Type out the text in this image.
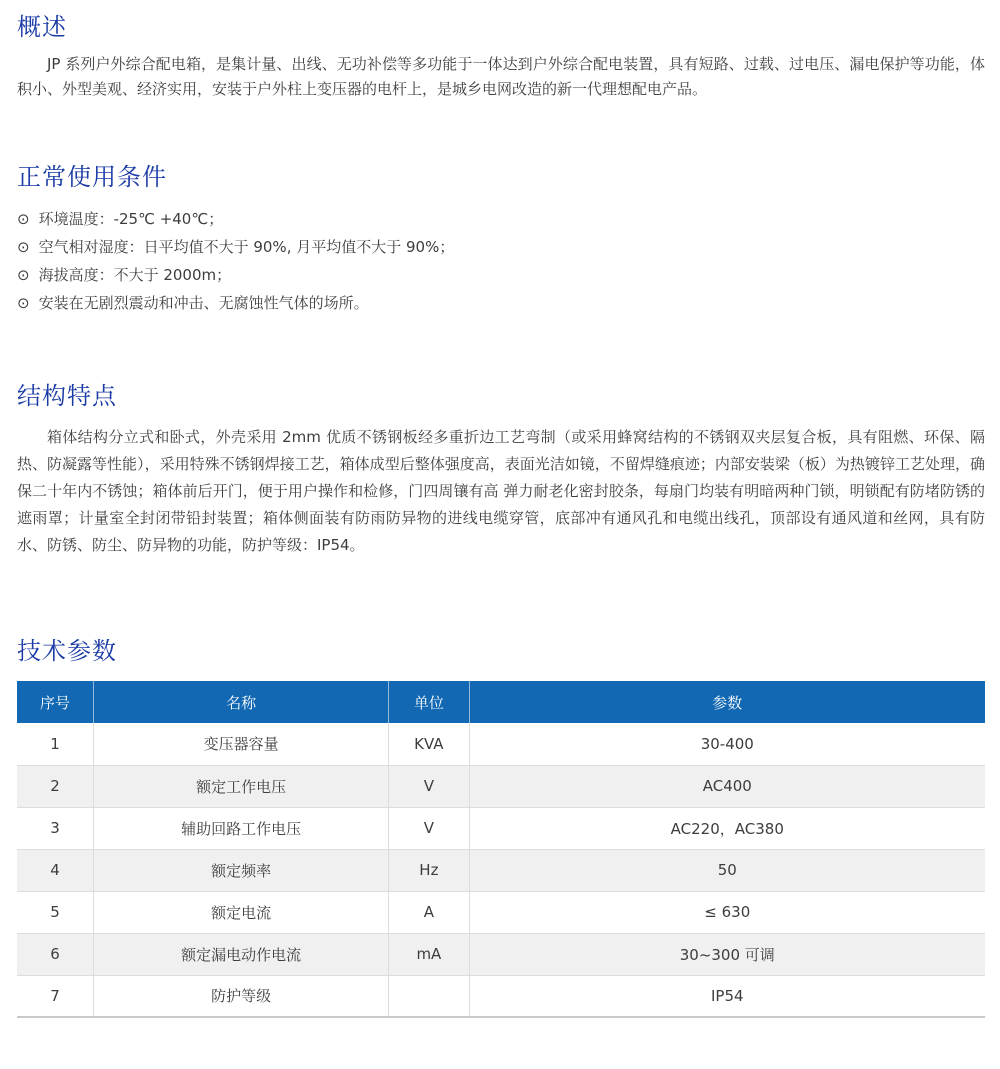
概述

JP 系列户外综合配电箱，是集计量、出线、无功补偿等多功能于一体达到户外综合配电装置，具有短路、过载、过电压、漏电保护等功能，体积小、外型美观、经济实用，安装于户外柱上变压器的电杆上，是城乡电网改造的新一代理想配电产品。

正常使用条件
⊙ 环境温度：-25℃ +40℃；
⊙ 空气相对湿度：日平均值不大于 90%, 月平均值不大于 90%；
⊙ 海拔高度：不大于 2000m；
⊙ 安装在无剧烈震动和冲击、无腐蚀性气体的场所。
结构特点

箱体结构分立式和卧式，外壳采用 2mm 优质不锈钢板经多重折边工艺弯制（或采用蜂窝结构的不锈钢双夹层复合板，具有阻燃、环保、隔热、防凝露等性能），采用特殊不锈钢焊接工艺，箱体成型后整体强度高，表面光洁如镜，不留焊缝痕迹；内部安装梁（板）为热镀锌工艺处理，确保二十年内不锈蚀；箱体前后开门，便于用户操作和检修，门四周镶有高 弹力耐老化密封胶条，每扇门均装有明暗两种门锁，明锁配有防堵防锈的遮雨罩；计量室全封闭带铅封装置；箱体侧面装有防雨防异物的进线电缆穿管，底部冲有通风孔和电缆出线孔，顶部设有通风道和丝网，具有防水、防锈、防尘、防异物的功能，防护等级：IP54。

技术参数
序号	名称	单位	参数
1	变压器容量	KVA	30-400
2	额定工作电压	V	AC400
3	辅助回路工作电压	V	AC220，AC380
4	额定频率	Hz	50
5	额定电流	A	≤ 630
6	额定漏电动作电流	mA	30~300 可调
7	防护等级		IP54
